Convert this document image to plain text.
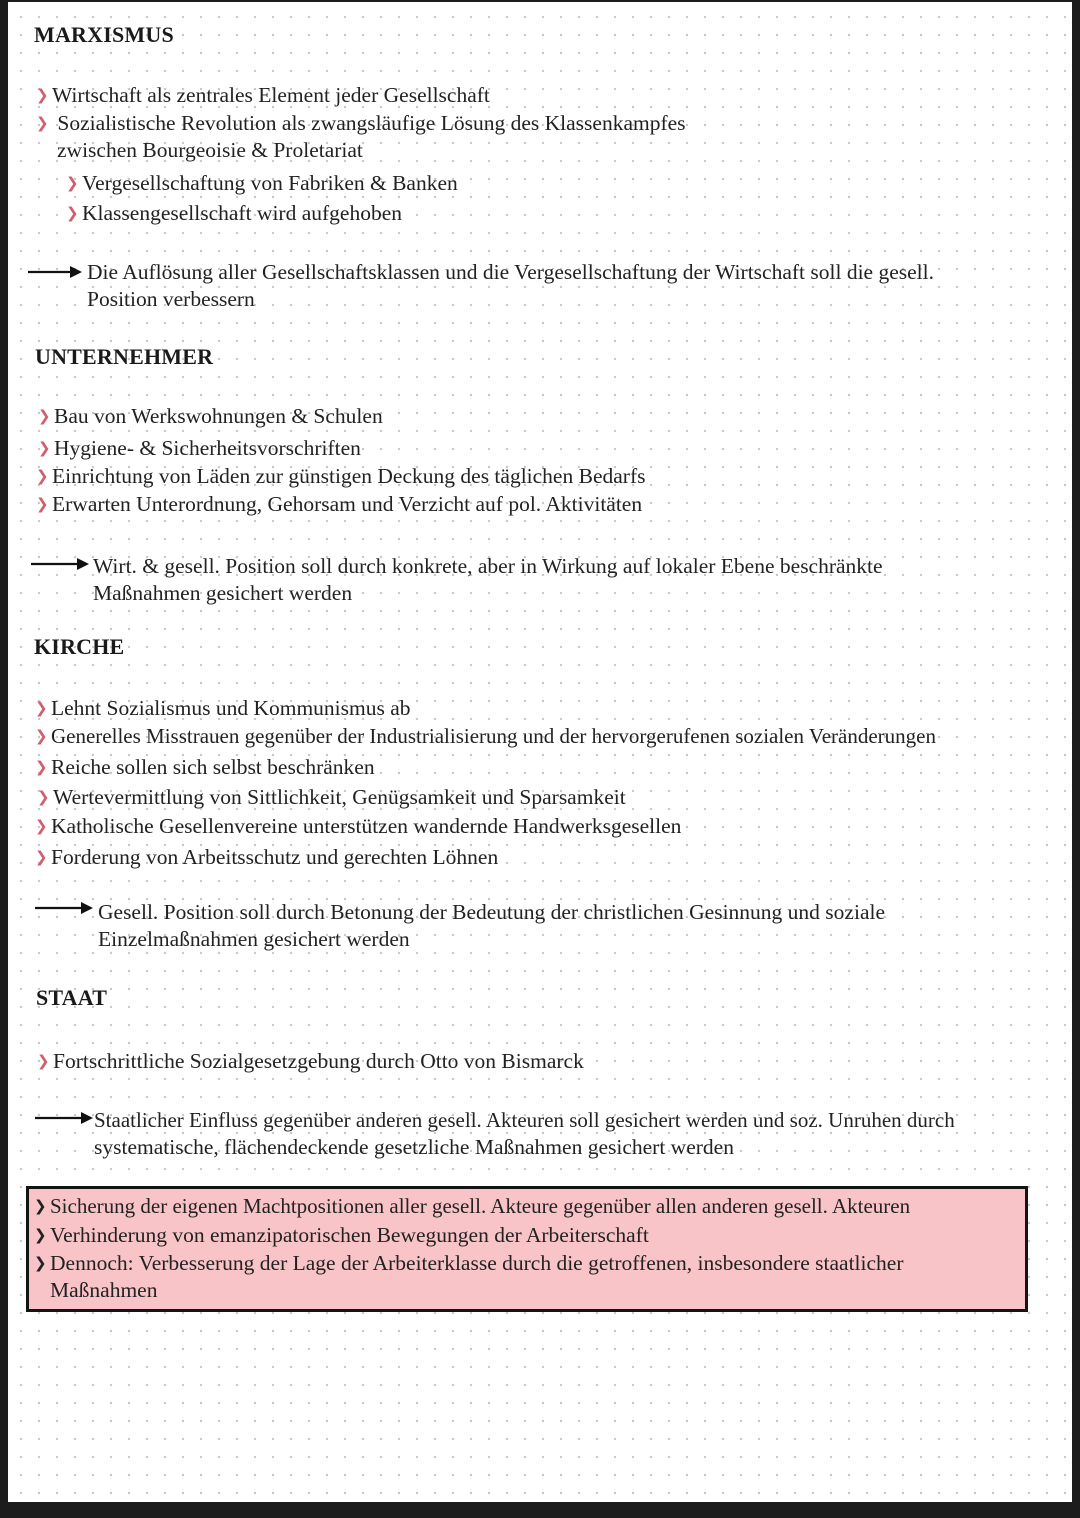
MARXISMUS
❯ Wirtschaft als zentrales Element jeder Gesellschaft
❯ Sozialistische Revolution als zwangsläufige Lösung des Klassenkampfes
zwischen Bourgeoisie & Proletariat
❯ Vergesellschaftung von Fabriken & Banken
❯ Klassengesellschaft wird aufgehoben
Die Auflösung aller Gesellschaftsklassen und die Vergesellschaftung der Wirtschaft soll die gesell.
Position verbessern
UNTERNEHMER
❯ Bau von Werkswohnungen & Schulen
❯ Hygiene- & Sicherheitsvorschriften
❯ Einrichtung von Läden zur günstigen Deckung des täglichen Bedarfs
❯ Erwarten Unterordnung, Gehorsam und Verzicht auf pol. Aktivitäten
Wirt. & gesell. Position soll durch konkrete, aber in Wirkung auf lokaler Ebene beschränkte
Maßnahmen gesichert werden
KIRCHE
❯ Lehnt Sozialismus und Kommunismus ab
❯ Generelles Misstrauen gegenüber der Industrialisierung und der hervorgerufenen sozialen Veränderungen
❯ Reiche sollen sich selbst beschränken
❯ Wertevermittlung von Sittlichkeit, Genügsamkeit und Sparsamkeit
❯ Katholische Gesellenvereine unterstützen wandernde Handwerksgesellen
❯ Forderung von Arbeitsschutz und gerechten Löhnen
Gesell. Position soll durch Betonung der Bedeutung der christlichen Gesinnung und soziale
Einzelmaßnahmen gesichert werden
STAAT
❯ Fortschrittliche Sozialgesetzgebung durch Otto von Bismarck
Staatlicher Einfluss gegenüber anderen gesell. Akteuren soll gesichert werden und soz. Unruhen durch
systematische, flächendeckende gesetzliche Maßnahmen gesichert werden
❯ Sicherung der eigenen Machtpositionen aller gesell. Akteure gegenüber allen anderen gesell. Akteuren
❯ Verhinderung von emanzipatorischen Bewegungen der Arbeiterschaft
❯ Dennoch: Verbesserung der Lage der Arbeiterklasse durch die getroffenen, insbesondere staatlicher
Maßnahmen
